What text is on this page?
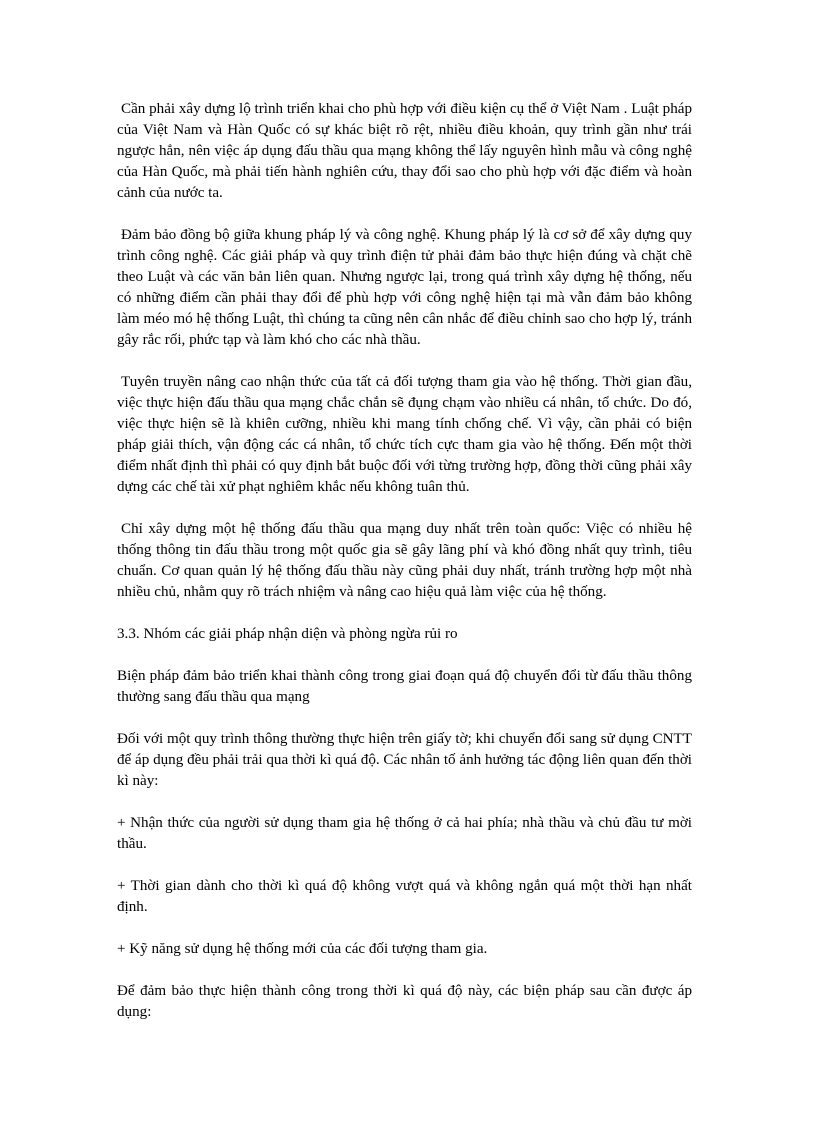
Cần phải xây dựng lộ trình triển khai cho phù hợp với điều kiện cụ thể ở Việt Nam . Luật pháp của Việt Nam và Hàn Quốc có sự khác biệt rõ rệt, nhiều điều khoản, quy trình gần như trái ngược hẳn, nên việc áp dụng đấu thầu qua mạng không thể lấy nguyên hình mẫu và công nghệ của Hàn Quốc, mà phải tiến hành nghiên cứu, thay đổi sao cho phù hợp với đặc điểm và hoàn cảnh của nước ta.

Đảm bảo đồng bộ giữa khung pháp lý và công nghệ. Khung pháp lý là cơ sở để xây dựng quy trình công nghệ. Các giải pháp và quy trình điện tử phải đảm bảo thực hiện đúng và chặt chẽ theo Luật và các văn bản liên quan. Nhưng ngược lại, trong quá trình xây dựng hệ thống, nếu có những điểm cần phải thay đổi để phù hợp với công nghệ hiện tại mà vẫn đảm bảo không làm méo mó hệ thống Luật, thì chúng ta cũng nên cân nhắc để điều chỉnh sao cho hợp lý, tránh gây rắc rối, phức tạp và làm khó cho các nhà thầu.

Tuyên truyền nâng cao nhận thức của tất cả đối tượng tham gia vào hệ thống. Thời gian đầu, việc thực hiện đấu thầu qua mạng chắc chắn sẽ đụng chạm vào nhiều cá nhân, tổ chức. Do đó, việc thực hiện sẽ là khiên cưỡng, nhiều khi mang tính chống chế. Vì vậy, cần phải có biện pháp giải thích, vận động các cá nhân, tổ chức tích cực tham gia vào hệ thống. Đến một thời điểm nhất định thì phải có quy định bắt buộc đối với từng trường hợp, đồng thời cũng phải xây dựng các chế tài xử phạt nghiêm khắc nếu không tuân thủ.

Chỉ xây dựng một hệ thống đấu thầu qua mạng duy nhất trên toàn quốc: Việc có nhiều hệ thống thông tin đấu thầu trong một quốc gia sẽ gây lãng phí và khó đồng nhất quy trình, tiêu chuẩn. Cơ quan quản lý hệ thống đấu thầu này cũng phải duy nhất, tránh trường hợp một nhà nhiều chủ, nhằm quy rõ trách nhiệm và nâng cao hiệu quả làm việc của hệ thống.

3.3. Nhóm các giải pháp nhận diện và phòng ngừa rủi ro

Biện pháp đảm bảo triển khai thành công trong giai đoạn quá độ chuyển đổi từ đấu thầu thông thường sang đấu thầu qua mạng

Đối với một quy trình thông thường thực hiện trên giấy tờ; khi chuyển đổi sang sử dụng CNTT để áp dụng đều phải trải qua thời kì quá độ. Các nhân tố ảnh hưởng tác động liên quan đến thời kì này:

+ Nhận thức của người sử dụng tham gia hệ thống ở cả hai phía; nhà thầu và chủ đầu tư mời thầu.

+ Thời gian dành cho thời kì quá độ không vượt quá và không ngắn quá một thời hạn nhất định.

+ Kỹ năng sử dụng hệ thống mới của các đối tượng tham gia.

Để đảm bảo thực hiện thành công trong thời kì quá độ này, các biện pháp sau cần được áp dụng:
